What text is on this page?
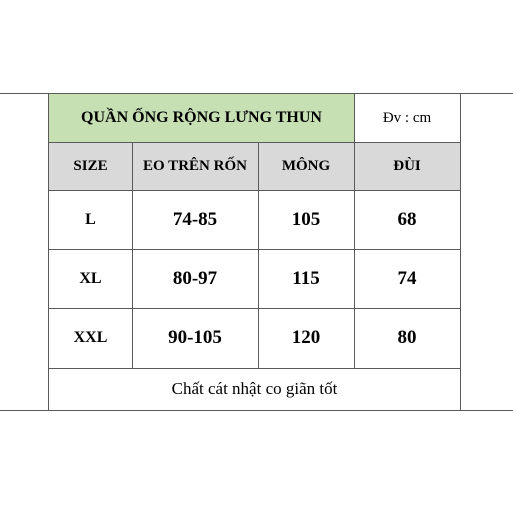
QUẦN ỐNG RỘNG LƯNG THUN	Đv : cm
SIZE	EO TRÊN RỐN	MÔNG	ĐÙI
L	74-85	105	68
XL	80-97	115	74
XXL	90-105	120	80
Chất cát nhật co giãn tốt
